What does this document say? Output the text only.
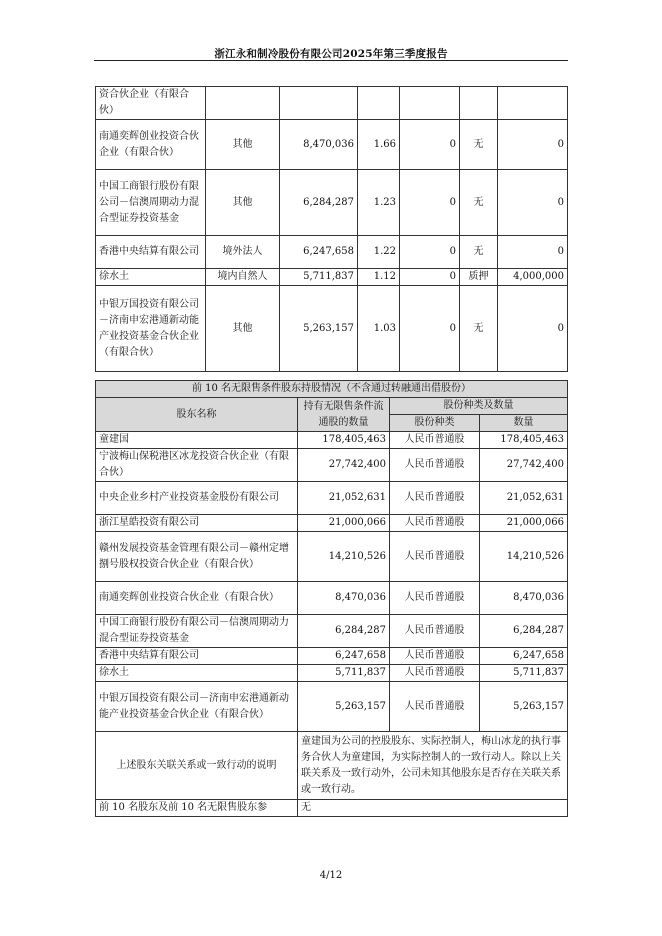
浙江永和制冷股份有限公司2025年第三季度报告
资合伙企业（有限合伙）						
南通奕辉创业投资合伙企业（有限合伙）	其他	8,470,036	1.66	0	无	0
中国工商银行股份有限公司－信澳周期动力混合型证券投资基金	其他	6,284,287	1.23	0	无	0
香港中央结算有限公司	境外法人	6,247,658	1.22	0	无	0
徐水土	境内自然人	5,711,837	1.12	0	质押	4,000,000
中银万国投资有限公司－济南申宏港通新动能产业投资基金合伙企业（有限合伙）	其他	5,263,157	1.03	0	无	0
前 10 名无限售条件股东持股情况（不含通过转融通出借股份）			
股东名称	持有无限售条件流通股的数量	股份种类及数量	
		股份种类	数量
童建国	178,405,463	人民币普通股	178,405,463
宁波梅山保税港区冰龙投资合伙企业（有限合伙）	27,742,400	人民币普通股	27,742,400
中央企业乡村产业投资基金股份有限公司	21,052,631	人民币普通股	21,052,631
浙江星皓投资有限公司	21,000,066	人民币普通股	21,000,066
赣州发展投资基金管理有限公司－赣州定增捌号股权投资合伙企业（有限合伙）	14,210,526	人民币普通股	14,210,526
南通奕辉创业投资合伙企业（有限合伙）	8,470,036	人民币普通股	8,470,036
中国工商银行股份有限公司－信澳周期动力混合型证券投资基金	6,284,287	人民币普通股	6,284,287
香港中央结算有限公司	6,247,658	人民币普通股	6,247,658
徐水土	5,711,837	人民币普通股	5,711,837
中银万国投资有限公司－济南申宏港通新动能产业投资基金合伙企业（有限合伙）	5,263,157	人民币普通股	5,263,157
上述股东关联关系或一致行动的说明	童建国为公司的控股股东、实际控制人，梅山冰龙的执行事务合伙人为童建国，为实际控制人的一致行动人。除以上关联关系及一致行动外，公司未知其他股东是否存在关联关系或一致行动。		
前 10 名股东及前 10 名无限售股东参	无		
4/12
